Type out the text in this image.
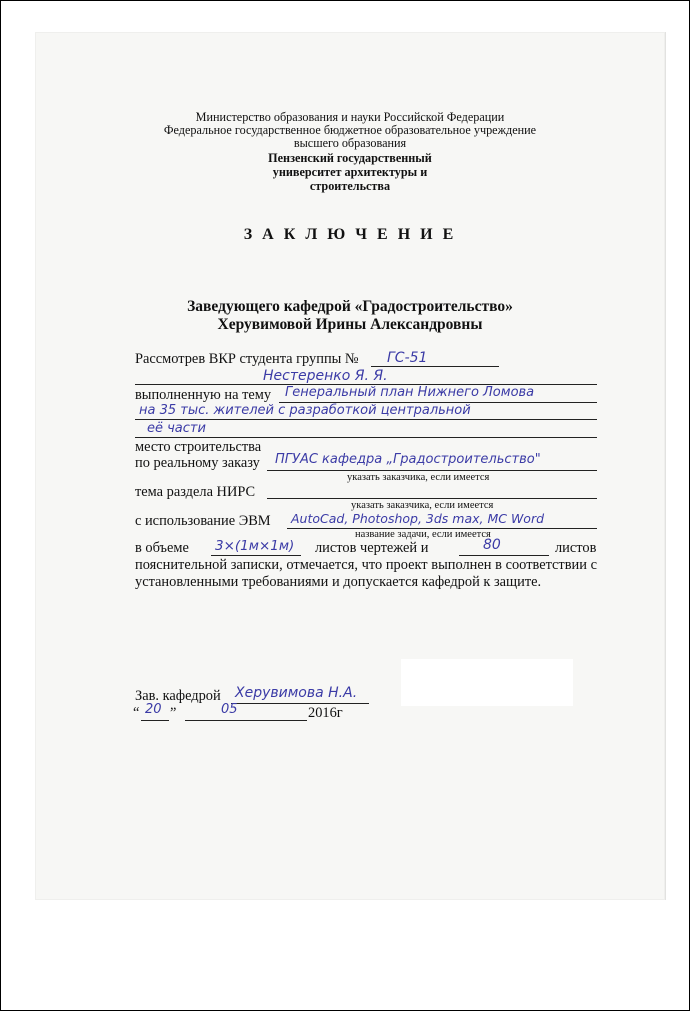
Министерство образования и науки Российской Федерации
Федеральное государственное бюджетное образовательное учреждение
высшего образования
Пензенский государственный
университет архитектуры и
строительства
З А К Л Ю Ч Е Н И Е
Заведующего кафедрой «Градостроительство»
Херувимовой Ирины Александровны
Рассмотрев ВКР студента группы № ГС-51
Нестеренко Я. Я.
выполненную на тему Генеральный план Нижнего Ломова
на 35 тыс. жителей с разработкой центральной
её части
место строительства
по реальному заказу ПГУАС кафедра „Градостроительство"
указать заказчика, если имеется
тема раздела НИРС
указать заказчика, если имеется
с использование ЭВМ AutoCad, Photoshop, 3ds max, MC Word
название задачи, если имеется
в объеме 3×(1м×1м) листов чертежей и	80	листов
пояснительной записки, отмечается, что проект выполнен в соответствии с установленными требованиями и допускается кафедрой к защите.
Зав. кафедрой Херувимова Н.А.
“ 20 ”	05	2016г
